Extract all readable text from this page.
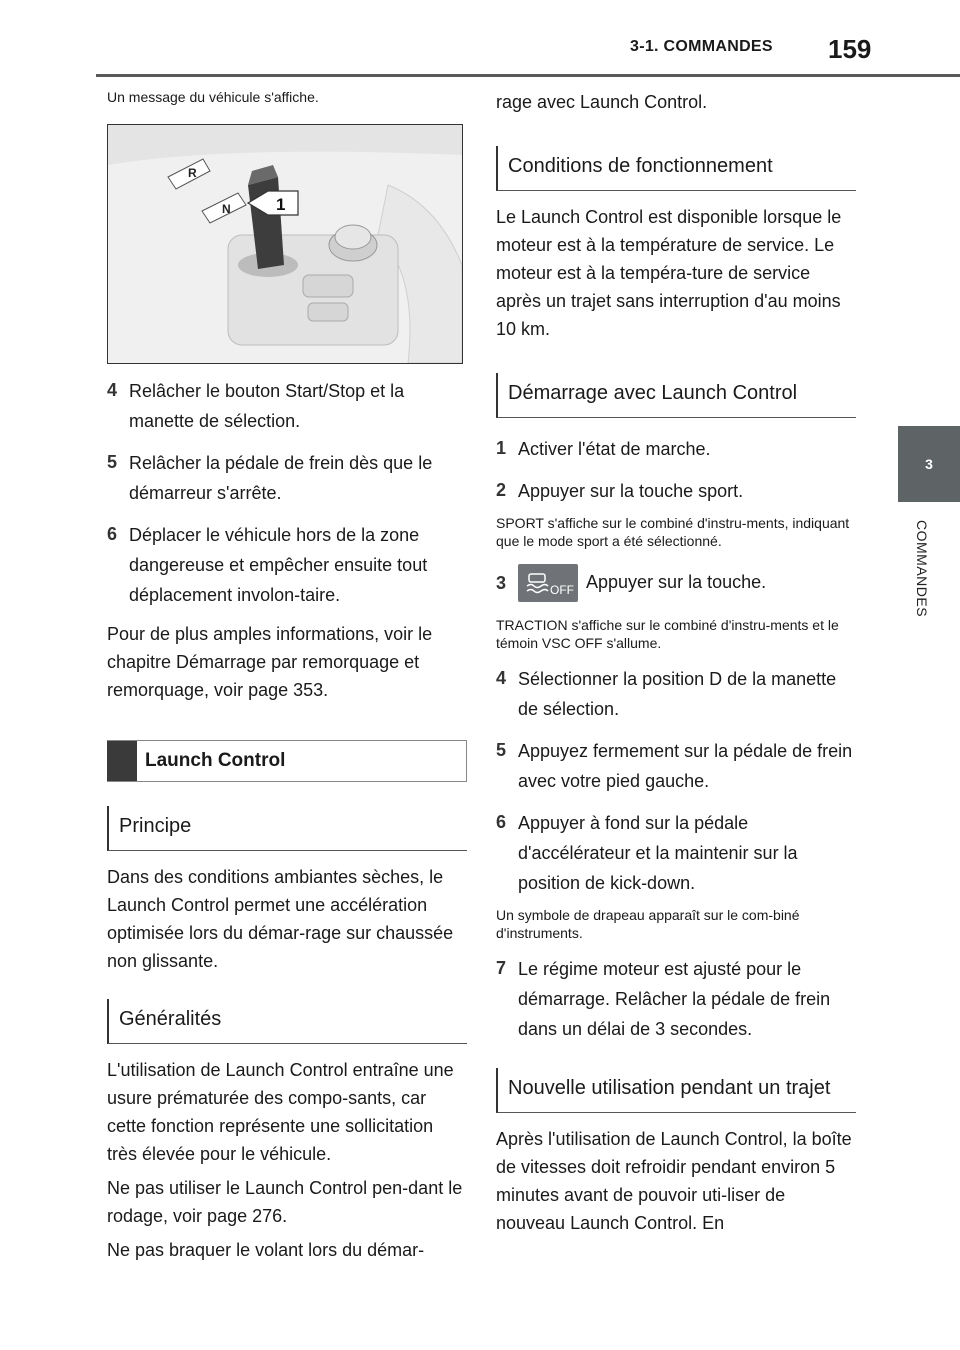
3-1. COMMANDES 159
3
COMMANDES

Un message du véhicule s'affiche.

R
N	1
4 Relâcher le bouton Start/Stop et la manette de sélection.
5 Relâcher la pédale de frein dès que le démarreur s'arrête.
6 Déplacer le véhicule hors de la zone dangereuse et empêcher ensuite tout déplacement involon-taire.

Pour de plus amples informations, voir le chapitre Démarrage par remorquage et remorquage, voir page 353.

Launch Control
Principe

Dans des conditions ambiantes sèches, le Launch Control permet une accélération optimisée lors du démar-rage sur chaussée non glissante.

Généralités

L'utilisation de Launch Control entraîne une usure prématurée des compo-sants, car cette fonction représente une sollicitation très élevée pour le véhicule.

Ne pas utiliser le Launch Control pen-dant le rodage, voir page 276.

Ne pas braquer le volant lors du démar-

rage avec Launch Control.

Conditions de fonctionnement

Le Launch Control est disponible lorsque le moteur est à la température de service. Le moteur est à la tempéra-ture de service après un trajet sans interruption d'au moins 10 km.

Démarrage avec Launch Control
1 Activer l'état de marche.
2 Appuyer sur la touche sport.

SPORT s'affiche sur le combiné d'instru-ments, indiquant que le mode sport a été sélectionné.

3	OFF Appuyer sur la touche.

TRACTION s'affiche sur le combiné d'instru-ments et le témoin VSC OFF s'allume.

4 Sélectionner la position D de la manette de sélection.
5 Appuyez fermement sur la pédale de frein avec votre pied gauche.
6 Appuyer à fond sur la pédale d'accélérateur et la maintenir sur la position de kick-down.

Un symbole de drapeau apparaît sur le com-biné d'instruments.

7 Le régime moteur est ajusté pour le démarrage. Relâcher la pédale de frein dans un délai de 3 secondes.
Nouvelle utilisation pendant un trajet

Après l'utilisation de Launch Control, la boîte de vitesses doit refroidir pendant environ 5 minutes avant de pouvoir uti-liser de nouveau Launch Control. En
